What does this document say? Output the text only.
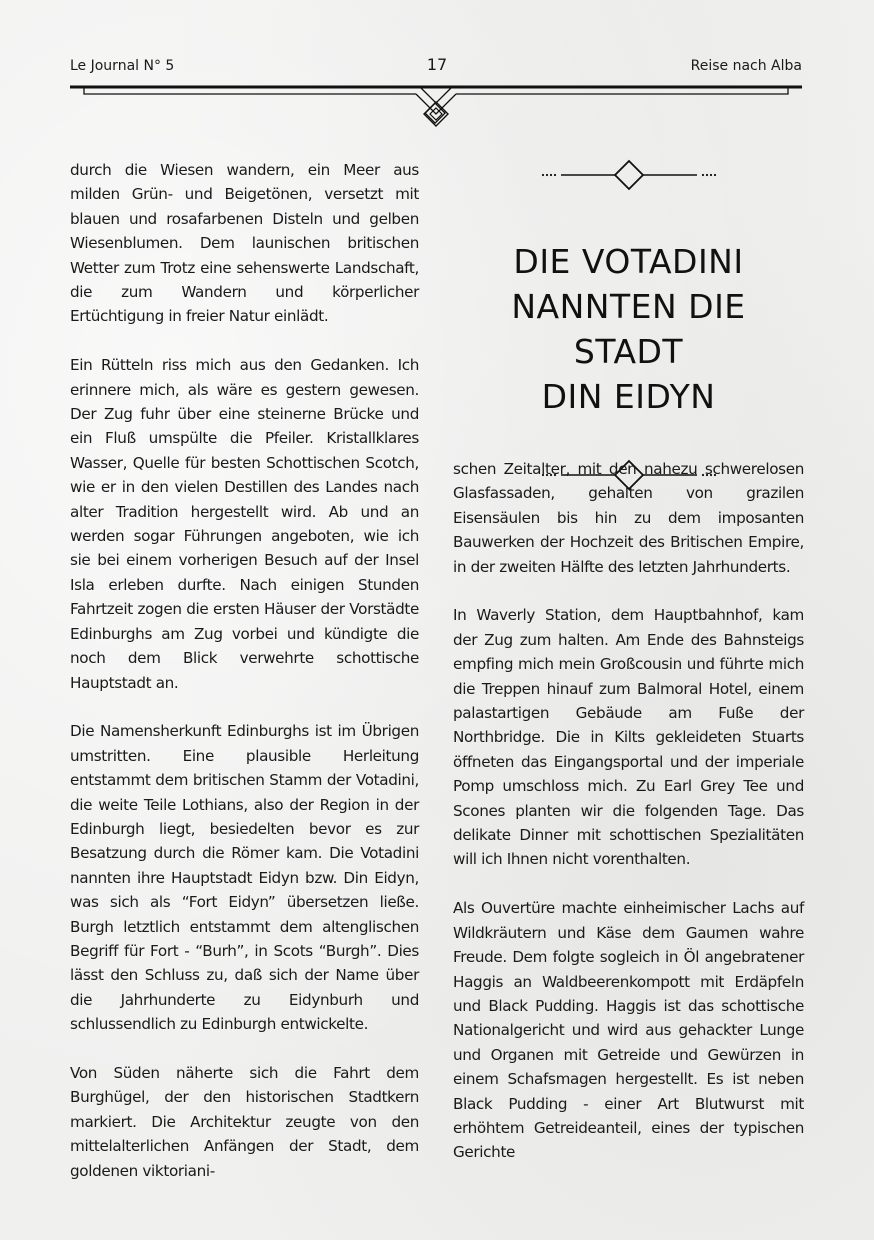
Le Journal N° 5	17	Reise nach Alba

durch die Wiesen wandern, ein Meer aus milden Grün- und Beigetönen, versetzt mit blauen und rosafarbenen Disteln und gelben Wiesenblumen. Dem launischen britischen Wetter zum Trotz eine sehenswerte Landschaft, die zum Wandern und körperlicher Ertüchtigung in freier Natur einlädt.

Ein Rütteln riss mich aus den Gedanken. Ich erinnere mich, als wäre es gestern gewesen. Der Zug fuhr über eine steinerne Brücke und ein Fluß umspülte die Pfeiler. Kristallklares Wasser, Quelle für besten Schottischen Scotch, wie er in den vielen Destillen des Landes nach alter Tradition hergestellt wird. Ab und an werden sogar Führungen angeboten, wie ich sie bei einem vorherigen Besuch auf der Insel Isla erleben durfte. Nach einigen Stunden Fahrtzeit zogen die ersten Häuser der Vorstädte Edinburghs am Zug vorbei und kündigte die noch dem Blick verwehrte schottische Hauptstadt an.

Die Namensherkunft Edinburghs ist im Übrigen umstritten. Eine plausible Herleitung entstammt dem britischen Stamm der Votadini, die weite Teile Lothians, also der Region in der Edinburgh liegt, besiedelten bevor es zur Besatzung durch die Römer kam. Die Votadini nannten ihre Hauptstadt Eidyn bzw. Din Eidyn, was sich als “Fort Eidyn” übersetzen ließe. Burgh letztlich entstammt dem altenglischen Begriff für Fort - “Burh”, in Scots “Burgh”. Dies lässt den Schluss zu, daß sich der Name über die Jahrhunderte zu Eidynburh und schlussendlich zu Edinburgh entwickelte.

Von Süden näherte sich die Fahrt dem Burghügel, der den historischen Stadtkern markiert. Die Architektur zeugte von den mittelalterlichen Anfängen der Stadt, dem goldenen viktoriani-

DIE VOTADINI
NANNTEN DIE STADT
DIN EIDYN

schen Zeitalter, mit den nahezu schwerelosen Glasfassaden, gehalten von grazilen Eisensäulen bis hin zu dem imposanten Bauwerken der Hochzeit des Britischen Empire, in der zweiten Hälfte des letzten Jahrhunderts.

In Waverly Station, dem Hauptbahnhof, kam der Zug zum halten. Am Ende des Bahnsteigs empfing mich mein Großcousin und führte mich die Treppen hinauf zum Balmoral Hotel, einem palastartigen Gebäude am Fuße der Northbridge. Die in Kilts gekleideten Stuarts öffneten das Eingangsportal und der imperiale Pomp umschloss mich. Zu Earl Grey Tee und Scones planten wir die folgenden Tage. Das delikate Dinner mit schottischen Spezialitäten will ich Ihnen nicht vorenthalten.

Als Ouvertüre machte einheimischer Lachs auf Wildkräutern und Käse dem Gaumen wahre Freude. Dem folgte sogleich in Öl angebratener Haggis an Waldbeerenkompott mit Erdäpfeln und Black Pudding. Haggis ist das schottische Nationalgericht und wird aus gehackter Lunge und Organen mit Getreide und Gewürzen in einem Schafsmagen hergestellt. Es ist neben Black Pudding - einer Art Blutwurst mit erhöhtem Getreideanteil, eines der typischen Gerichte
